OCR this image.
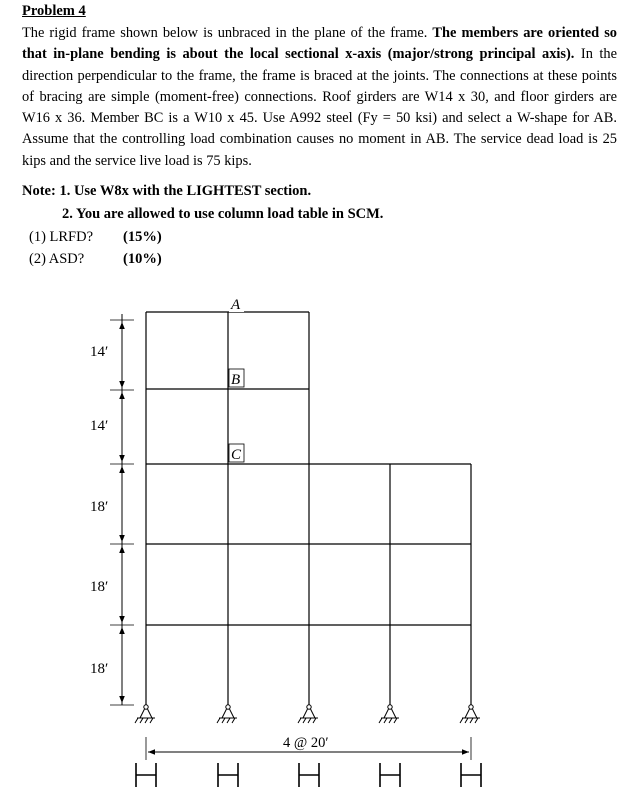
Problem 4
The rigid frame shown below is unbraced in the plane of the frame. The members are oriented so that in-plane bending is about the local sectional x-axis (major/strong principal axis). In the direction perpendicular to the frame, the frame is braced at the joints. The connections at these points of bracing are simple (moment-free) connections. Roof girders are W14 x 30, and floor girders are W16 x 36. Member BC is a W10 x 45. Use A992 steel (Fy = 50 ksi) and select a W-shape for AB. Assume that the controlling load combination causes no moment in AB. The service dead load is 25 kips and the service live load is 75 kips.
Note: 1. Use W8x with the LIGHTEST section.
2. You are allowed to use column load table in SCM.
(1) LRFD? (15%)
(2) ASD?	(10%)
A
B
C
14′
14′
18′
18′
18′
4 @ 20′
